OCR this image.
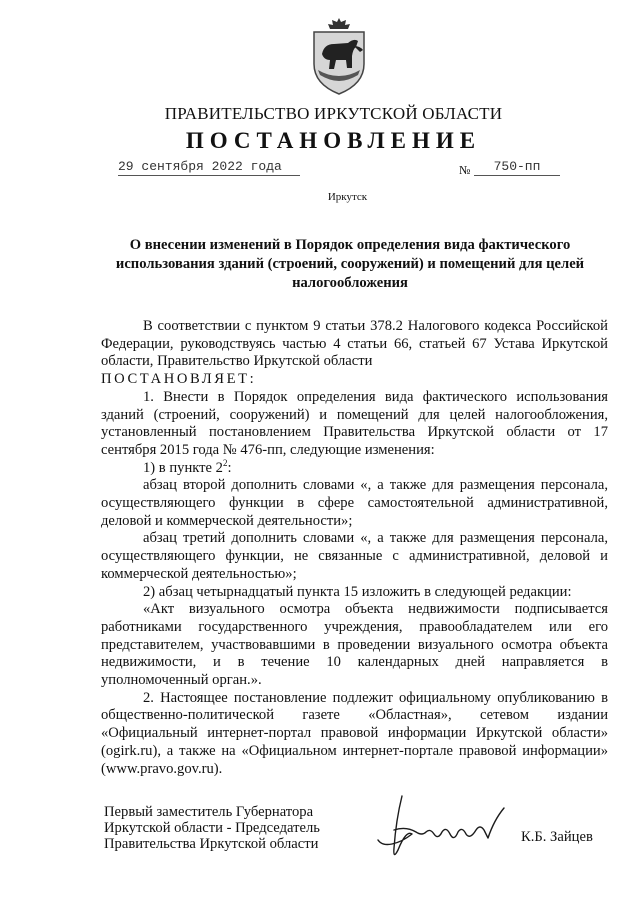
ПРАВИТЕЛЬСТВО ИРКУТСКОЙ ОБЛАСТИ
ПОСТАНОВЛЕНИЕ
29 сентября 2022 года	№	750-пп
Иркутск
О внесении изменений в Порядок определения вида фактического использования зданий (строений, сооружений) и помещений для целей налогообложения

В соответствии с пунктом 9 статьи 378.2 Налогового кодекса Российской Федерации, руководствуясь частью 4 статьи 66, статьей 67 Устава Иркутской области, Правительство Иркутской области

ПОСТАНОВЛЯЕТ:

1. Внести в Порядок определения вида фактического использования зданий (строений, сооружений) и помещений для целей налогообложения, установленный постановлением Правительства Иркутской области от 17 сентября 2015 года № 476-пп, следующие изменения:

1) в пункте $2^2$:

абзац второй дополнить словами «, а также для размещения персонала, осуществляющего функции в сфере самостоятельной административной, деловой и коммерческой деятельности»;

абзац третий дополнить словами «, а также для размещения персонала, осуществляющего функции, не связанные с административной, деловой и коммерческой деятельностью»;

2) абзац четырнадцатый пункта 15 изложить в следующей редакции:

«Акт визуального осмотра объекта недвижимости подписывается работниками государственного учреждения, правообладателем или его представителем, участвовавшими в проведении визуального осмотра объекта недвижимости, и в течение 10 календарных дней направляется в уполномоченный орган.».

2. Настоящее постановление подлежит официальному опубликованию в общественно-политической газете «Областная», сетевом издании «Официальный интернет-портал правовой информации Иркутской области» (ogirk.ru), а также на «Официальном интернет-портале правовой информации» (www.pravo.gov.ru).

Первый заместитель Губернатора
Иркутской области - Председатель
Правительства Иркутской области	К.Б. Зайцев
